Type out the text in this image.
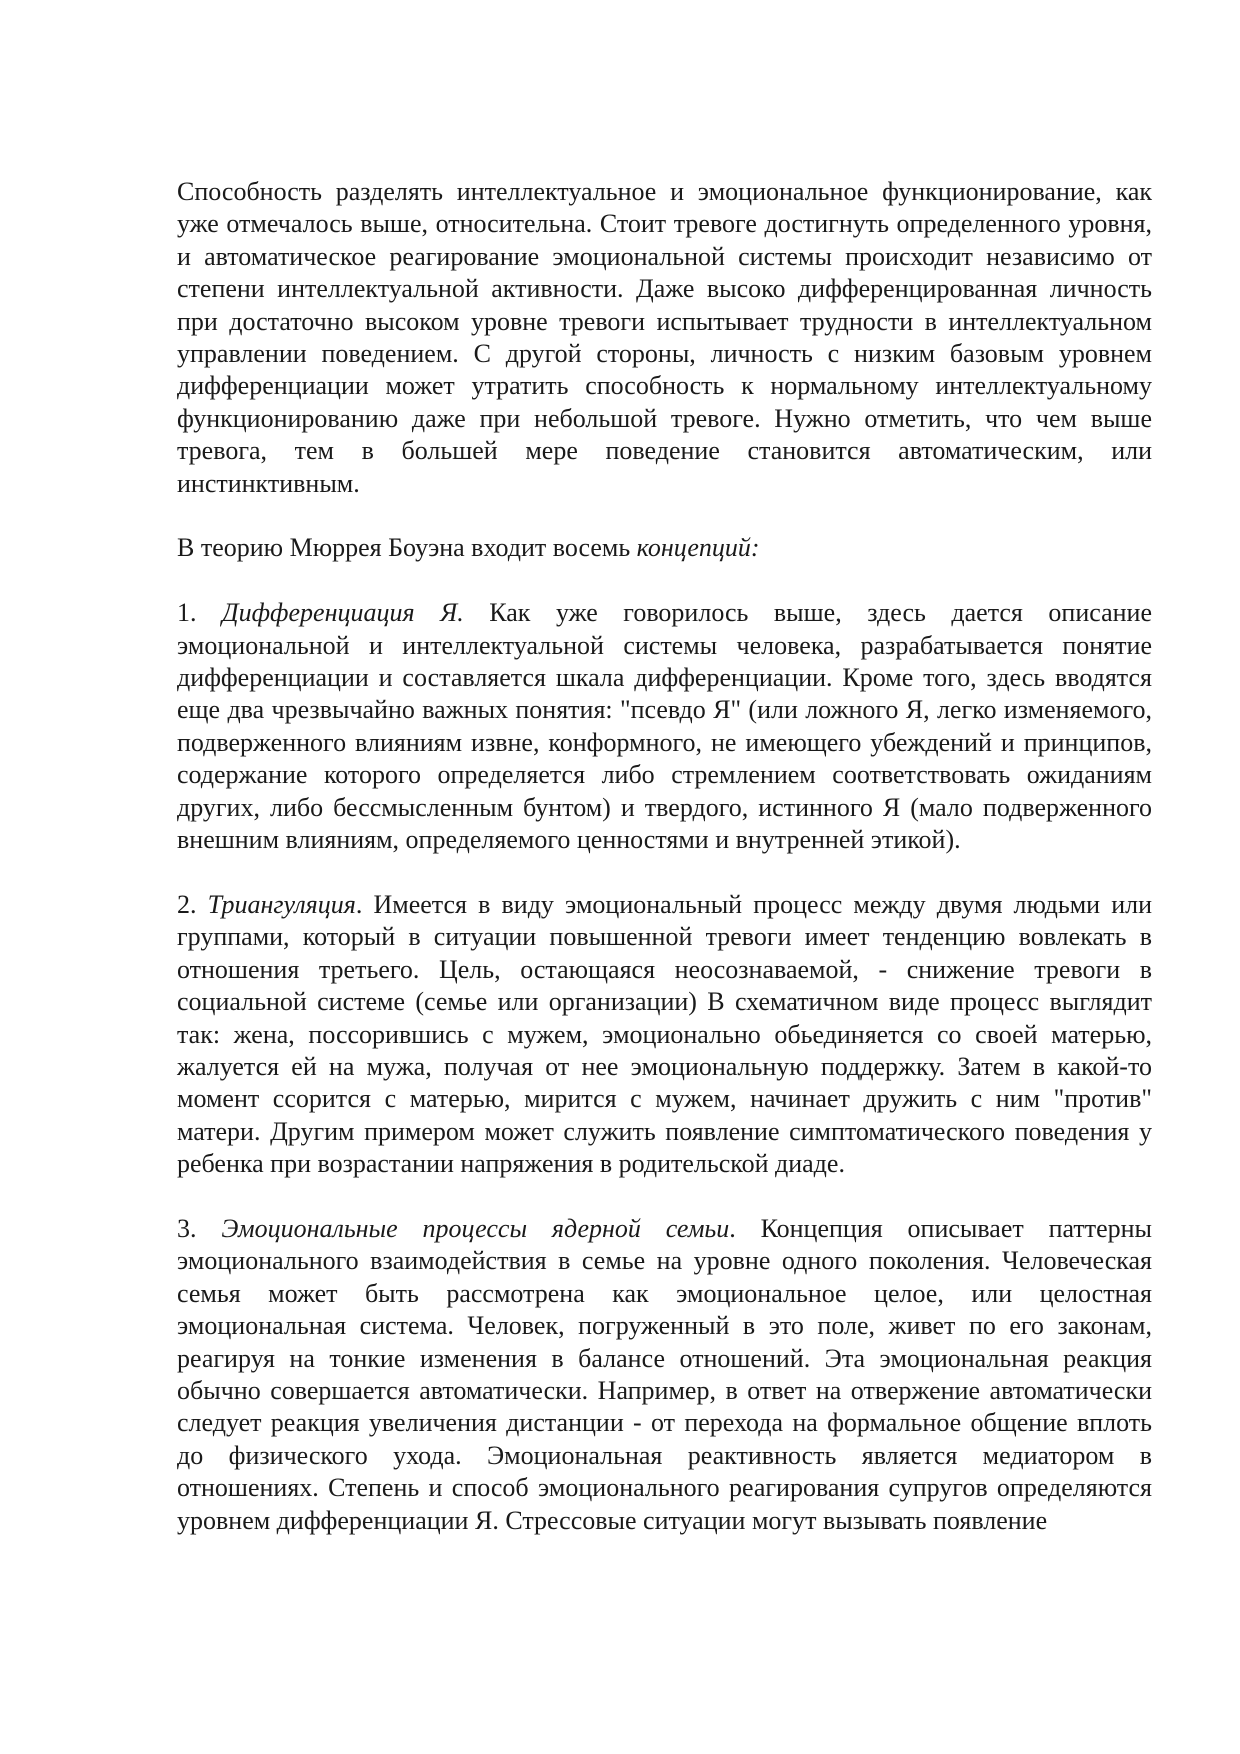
Способность разделять интеллектуальное и эмоциональное функционирование, как уже отмечалось выше, относительна. Стоит тревоге достигнуть определенного уровня, и автоматическое реагирование эмоциональной системы происходит независимо от степени интеллектуальной активности. Даже высоко дифференцированная личность при достаточно высоком уровне тревоги испытывает трудности в интеллектуальном управлении поведением. С другой стороны, личность с низким базовым уровнем дифференциации может утратить способность к нормальному интеллектуальному функционированию даже при небольшой тревоге. Нужно отметить, что чем выше тревога, тем в большей мере поведение становится автоматическим, или инстинктивным.

В теорию Мюррея Боуэна входит восемь концепций:

1. Дифференциация Я. Как уже говорилось выше, здесь дается описание эмоциональной и интеллектуальной системы человека, разрабатывается понятие дифференциации и составляется шкала дифференциации. Кроме того, здесь вводятся еще два чрезвычайно важных понятия: "псевдо Я" (или ложного Я, легко изменяемого, подверженного влияниям извне, конформного, не имеющего убеждений и принципов, содержание которого определяется либо стремлением соответствовать ожиданиям других, либо бессмысленным бунтом) и твердого, истинного Я (мало подверженного внешним влияниям, определяемого ценностями и внутренней этикой).

2. Триангуляция. Имеется в виду эмоциональный процесс между двумя людьми или группами, который в ситуации повышенной тревоги имеет тенденцию вовлекать в отношения третьего. Цель, остающаяся неосознаваемой, - снижение тревоги в социальной системе (семье или организации) В схематичном виде процесс выглядит так: жена, поссорившись с мужем, эмоционально обьединяется со своей матерью, жалуется ей на мужа, получая от нее эмоциональную поддержку. Затем в какой-то момент ссорится с матерью, мирится с мужем, начинает дружить с ним "против" матери. Другим примером может служить появление симптоматического поведения у ребенка при возрастании напряжения в родительской диаде.

3. Эмоциональные процессы ядерной семьи. Концепция описывает паттерны эмоционального взаимодействия в семье на уровне одного поколения. Человеческая семья может быть рассмотрена как эмоциональное целое, или целостная эмоциональная система. Человек, погруженный в это поле, живет по его законам, реагируя на тонкие изменения в балансе отношений. Эта эмоциональная реакция обычно совершается автоматически. Например, в ответ на отвержение автоматически следует реакция увеличения дистанции - от перехода на формальное общение вплоть до физического ухода. Эмоциональная реактивность является медиатором в отношениях. Степень и способ эмоционального реагирования супругов определяются уровнем дифференциации Я. Стрессовые ситуации могут вызывать появление
